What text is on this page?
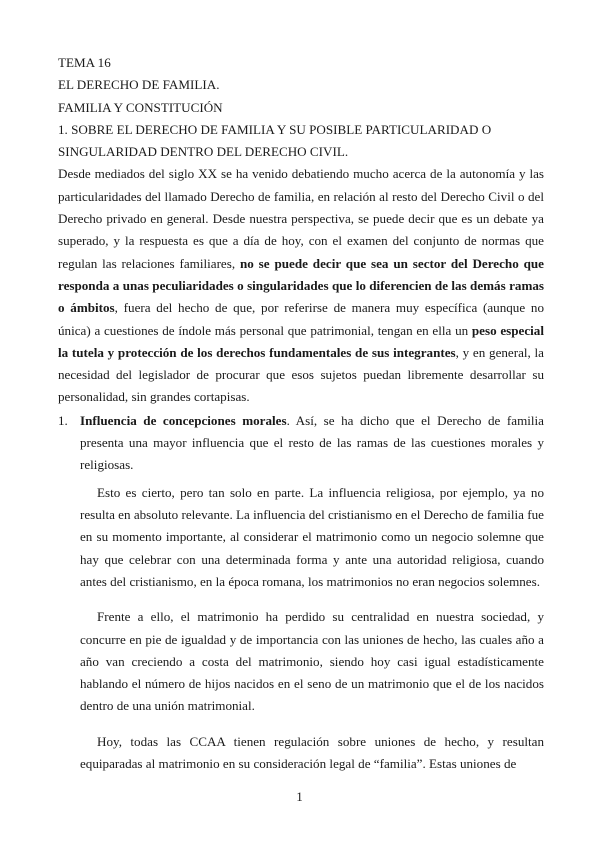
TEMA 16
EL DERECHO DE FAMILIA.
FAMILIA Y CONSTITUCIÓN
1. SOBRE EL DERECHO DE FAMILIA Y SU POSIBLE PARTICULARIDAD O
SINGULARIDAD DENTRO DEL DERECHO CIVIL.

Desde mediados del siglo XX se ha venido debatiendo mucho acerca de la autonomía y las particularidades del llamado Derecho de familia, en relación al resto del Derecho Civil o del Derecho privado en general. Desde nuestra perspectiva, se puede decir que es un debate ya superado, y la respuesta es que a día de hoy, con el examen del conjunto de normas que regulan las relaciones familiares, no se puede decir que sea un sector del Derecho que responda a unas peculiaridades o singularidades que lo diferencien de las demás ramas o ámbitos, fuera del hecho de que, por referirse de manera muy específica (aunque no única) a cuestiones de índole más personal que patrimonial, tengan en ella un peso especial la tutela y protección de los derechos fundamentales de sus integrantes, y en general, la necesidad del legislador de procurar que esos sujetos puedan libremente desarrollar su personalidad, sin grandes cortapisas.

1. Influencia de concepciones morales. Así, se ha dicho que el Derecho de familia presenta una mayor influencia que el resto de las ramas de las cuestiones morales y religiosas.

Esto es cierto, pero tan solo en parte. La influencia religiosa, por ejemplo, ya no resulta en absoluto relevante. La influencia del cristianismo en el Derecho de familia fue en su momento importante, al considerar el matrimonio como un negocio solemne que hay que celebrar con una determinada forma y ante una autoridad religiosa, cuando antes del cristianismo, en la época romana, los matrimonios no eran negocios solemnes.

Frente a ello, el matrimonio ha perdido su centralidad en nuestra sociedad, y concurre en pie de igualdad y de importancia con las uniones de hecho, las cuales año a año van creciendo a costa del matrimonio, siendo hoy casi igual estadísticamente hablando el número de hijos nacidos en el seno de un matrimonio que el de los nacidos dentro de una unión matrimonial.

Hoy, todas las CCAA tienen regulación sobre uniones de hecho, y resultan equiparadas al matrimonio en su consideración legal de “familia”. Estas uniones de

1
